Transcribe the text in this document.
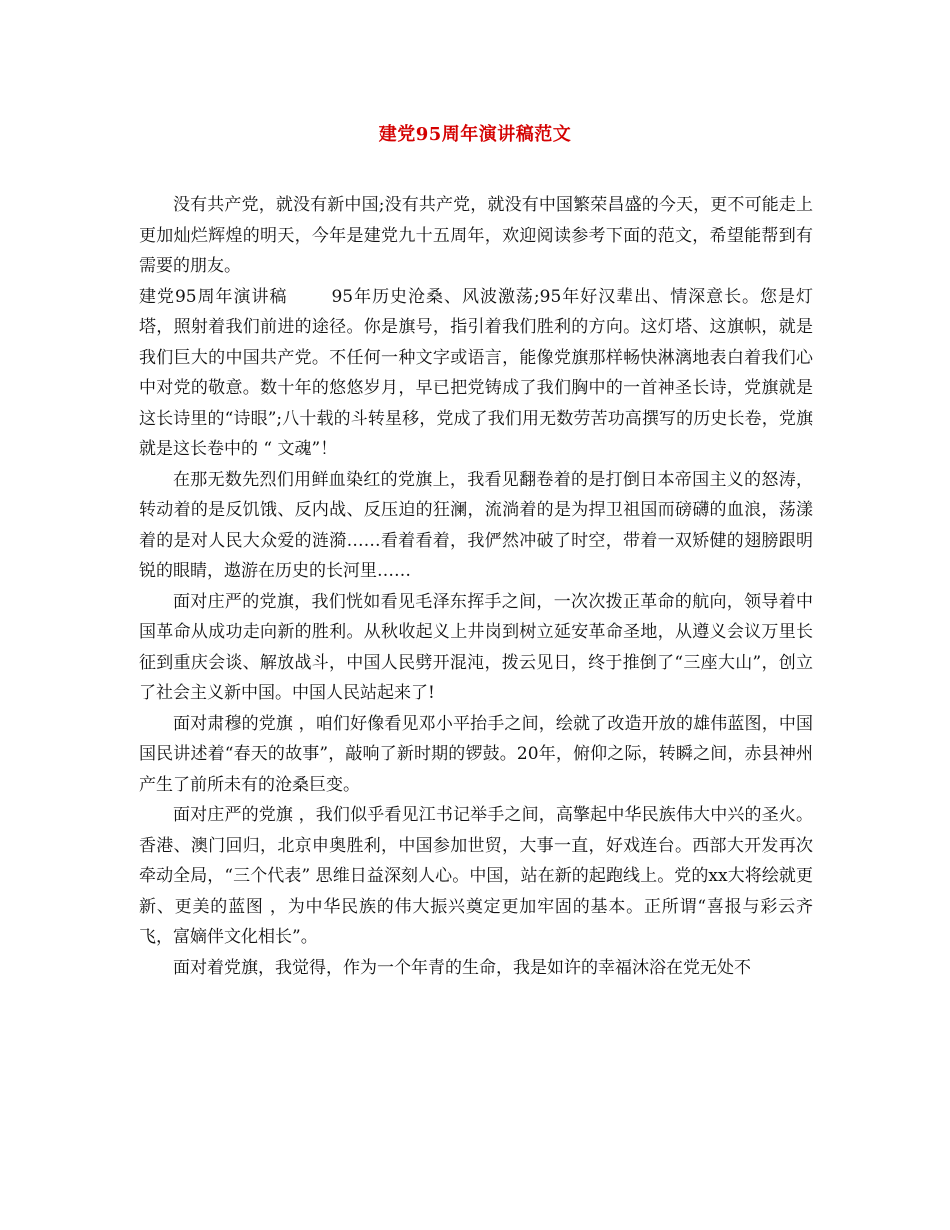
建党95周年演讲稿范文

没有共产党，就没有新中国;没有共产党，就没有中国繁荣昌盛的今天，更不可能走上更加灿烂辉煌的明天，今年是建党九十五周年，欢迎阅读参考下面的范文，希望能帮到有需要的朋友。

建党95周年演讲稿	95年历史沧桑、风波激荡;95年好汉辈出、情深意长。您是灯塔，照射着我们前进的途径。你是旗号，指引着我们胜利的方向。这灯塔、这旗帜，就是我们巨大的中国共产党。不任何一种文字或语言，能像党旗那样畅快淋漓地表白着我们心中对党的敬意。数十年的悠悠岁月，早已把党铸成了我们胸中的一首神圣长诗，党旗就是这长诗里的“诗眼”;八十载的斗转星移，党成了我们用无数劳苦功高撰写的历史长卷，党旗就是这长卷中的 “ 文魂”！

在那无数先烈们用鲜血染红的党旗上，我看见翻卷着的是打倒日本帝国主义的怒涛，转动着的是反饥饿、反内战、反压迫的狂澜，流淌着的是为捍卫祖国而磅礴的血浪，荡漾着的是对人民大众爱的涟漪……看着看着，我俨然冲破了时空，带着一双矫健的翅膀跟明锐的眼睛，遨游在历史的长河里……

面对庄严的党旗，我们恍如看见毛泽东挥手之间，一次次拨正革命的航向，领导着中国革命从成功走向新的胜利。从秋收起义上井岗到树立延安革命圣地，从遵义会议万里长征到重庆会谈、解放战斗，中国人民劈开混沌，拨云见日，终于推倒了“三座大山”，创立了社会主义新中国。中国人民站起来了!

面对肃穆的党旗 ，咱们好像看见邓小平抬手之间，绘就了改造开放的雄伟蓝图，中国国民讲述着“春天的故事”，敲响了新时期的锣鼓。20年，俯仰之际，转瞬之间，赤县神州产生了前所未有的沧桑巨变。

面对庄严的党旗 ，我们似乎看见江书记举手之间，高擎起中华民族伟大中兴的圣火。香港、澳门回归，北京申奥胜利，中国参加世贸，大事一直，好戏连台。西部大开发再次牵动全局，“三个代表” 思维日益深刻人心。中国，站在新的起跑线上。党的xx大将绘就更新、更美的蓝图 ，为中华民族的伟大振兴奠定更加牢固的基本。正所谓“喜报与彩云齐飞，富嫡伴文化相长”。

面对着党旗，我觉得，作为一个年青的生命，我是如许的幸福沐浴在党无处不
